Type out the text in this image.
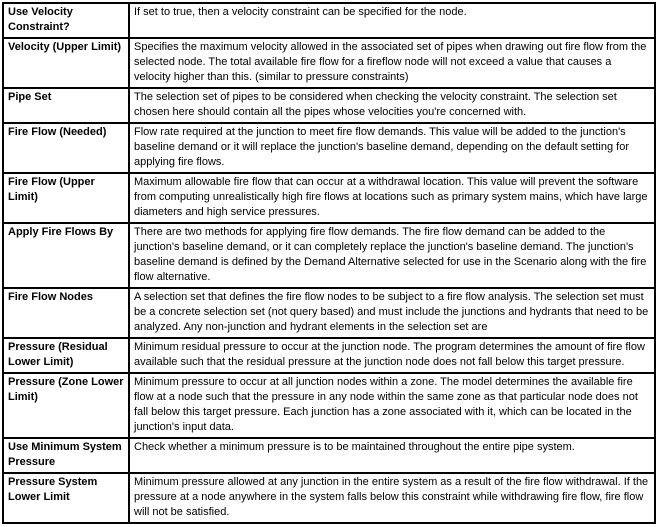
Use Velocity Constraint?	If set to true, then a velocity constraint can be specified for the node.
Velocity (Upper Limit)	Specifies the maximum velocity allowed in the associated set of pipes when drawing out fire flow from the selected node. The total available fire flow for a fireflow node will not exceed a value that causes a velocity higher than this. (similar to pressure constraints)
Pipe Set	The selection set of pipes to be considered when checking the velocity constraint. The selection set chosen here should contain all the pipes whose velocities you're concerned with.
Fire Flow (Needed)	Flow rate required at the junction to meet fire flow demands. This value will be added to the junction's baseline demand or it will replace the junction's baseline demand, depending on the default setting for applying fire flows.
Fire Flow (Upper Limit)	Maximum allowable fire flow that can occur at a withdrawal location. This value will prevent the software from computing unrealistically high fire flows at locations such as primary system mains, which have large diameters and high service pressures.
Apply Fire Flows By	There are two methods for applying fire flow demands. The fire flow demand can be added to the junction's baseline demand, or it can completely replace the junction's baseline demand. The junction's baseline demand is defined by the Demand Alternative selected for use in the Scenario along with the fire flow alternative.
Fire Flow Nodes	A selection set that defines the fire flow nodes to be subject to a fire flow analysis. The selection set must be a concrete selection set (not query based) and must include the junctions and hydrants that need to be analyzed. Any non-junction and hydrant elements in the selection set are
Pressure (Residual Lower Limit)	Minimum residual pressure to occur at the junction node. The program determines the amount of fire flow available such that the residual pressure at the junction node does not fall below this target pressure.
Pressure (Zone Lower Limit)	Minimum pressure to occur at all junction nodes within a zone. The model determines the available fire flow at a node such that the pressure in any node within the same zone as that particular node does not fall below this target pressure. Each junction has a zone associated with it, which can be located in the junction's input data.
Use Minimum System Pressure	Check whether a minimum pressure is to be maintained throughout the entire pipe system.
Pressure System Lower Limit	Minimum pressure allowed at any junction in the entire system as a result of the fire flow withdrawal. If the pressure at a node anywhere in the system falls below this constraint while withdrawing fire flow, fire flow will not be satisfied.
